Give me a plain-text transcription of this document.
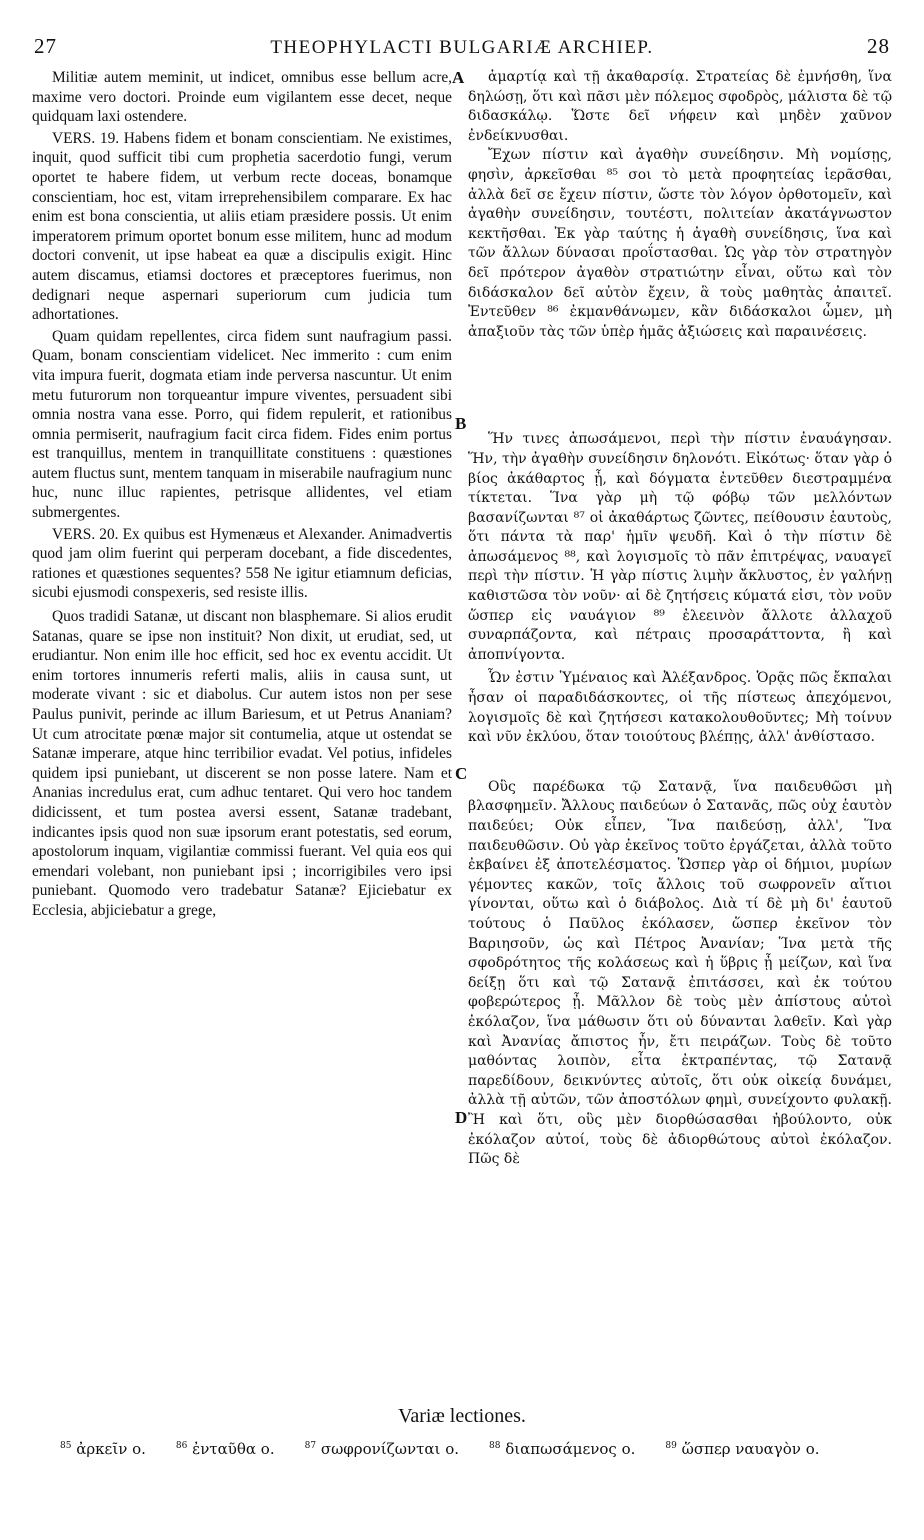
27	THEOPHYLACTI BULGARIÆ ARCHIEP.	28

Militiæ autem meminit, ut indicet, omnibus esse bellum acre, maxime vero doctori. Proinde eum vigilantem esse decet, neque quidquam laxi ostendere.

VERS. 19. Habens fidem et bonam conscientiam. Ne existimes, inquit, quod sufficit tibi cum prophetia sacerdotio fungi, verum oportet te habere fidem, ut verbum recte doceas, bonamque conscientiam, hoc est, vitam irreprehensibilem comparare. Ex hac enim est bona conscientia, ut aliis etiam præsidere possis. Ut enim imperatorem primum oportet bonum esse militem, hunc ad modum doctori convenit, ut ipse habeat ea quæ a discipulis exigit. Hinc autem discamus, etiamsi doctores et præceptores fuerimus, non dedignari neque aspernari superiorum cum judicia tum adhortationes.

Quam quidam repellentes, circa fidem sunt naufragium passi. Quam, bonam conscientiam videlicet. Nec immerito : cum enim vita impura fuerit, dogmata etiam inde perversa nascuntur. Ut enim metu futurorum non torqueantur impure viventes, persuadent sibi omnia nostra vana esse. Porro, qui fidem repulerit, et rationibus omnia permiserit, naufragium facit circa fidem. Fides enim portus est tranquillus, mentem in tranquillitate constituens : quæstiones autem fluctus sunt, mentem tanquam in miserabile naufragium nunc huc, nunc illuc rapientes, petrisque allidentes, vel etiam submergentes.

VERS. 20. Ex quibus est Hymenæus et Alexander. Animadvertis quod jam olim fuerint qui perperam docebant, a fide discedentes, rationes et quæstiones sequentes? 558 Ne igitur etiamnum deficias, sicubi ejusmodi conspexeris, sed resiste illis.

Quos tradidi Satanæ, ut discant non blasphemare. Si alios erudit Satanas, quare se ipse non instituit? Non dixit, ut erudiat, sed, ut erudiantur. Non enim ille hoc efficit, sed hoc ex eventu accidit. Ut enim tortores innumeris referti malis, aliis in causa sunt, ut moderate vivant : sic et diabolus. Cur autem istos non per sese Paulus punivit, perinde ac illum Bariesum, et ut Petrus Ananiam? Ut cum atrocitate pœnæ major sit contumelia, atque ut ostendat se Satanæ imperare, atque hinc terribilior evadat. Vel potius, infideles quidem ipsi puniebant, ut discerent se non posse latere. Nam et Ananias incredulus erat, cum adhuc tentaret. Qui vero hoc tandem didicissent, et tum postea aversi essent, Satanæ tradebant, indicantes ipsis quod non suæ ipsorum erant potestatis, sed eorum, apostolorum inquam, vigilantiæ commissi fuerant. Vel quia eos qui emendari volebant, non puniebant ipsi ; incorrigibiles vero ipsi puniebant. Quomodo vero tradebatur Satanæ? Ejiciebatur ex Ecclesia, abjiciebatur a grege,

A
B
C
D

ἁμαρτίᾳ καὶ τῇ ἀκαθαρσίᾳ. Στρατείας δὲ ἐμνήσθη, ἵνα δηλώσῃ, ὅτι καὶ πᾶσι μὲν πόλεμος σφοδρὸς, μάλιστα δὲ τῷ διδασκάλῳ. Ὥστε δεῖ νήφειν καὶ μηδὲν χαῦνον ἐνδείκνυσθαι.

Ἔχων πίστιν καὶ ἀγαθὴν συνείδησιν. Μὴ νομίσῃς, φησὶν, ἀρκεῖσθαι ⁸⁵ σοι τὸ μετὰ προφητείας ἱερᾶσθαι, ἀλλὰ δεῖ σε ἔχειν πίστιν, ὥστε τὸν λόγον ὀρθοτομεῖν, καὶ ἀγαθὴν συνείδησιν, τουτέστι, πολιτείαν ἀκατάγνωστον κεκτῆσθαι. Ἐκ γὰρ ταύτης ἡ ἀγαθὴ συνείδησις, ἵνα καὶ τῶν ἄλλων δύνασαι προΐστασθαι. Ὡς γὰρ τὸν στρατηγὸν δεῖ πρότερον ἀγαθὸν στρατιώτην εἶναι, οὕτω καὶ τὸν διδάσκαλον δεῖ αὐτὸν ἔχειν, ἃ τοὺς μαθητὰς ἀπαιτεῖ. Ἐντεῦθεν ⁸⁶ ἐκμανθάνωμεν, κἂν διδάσκαλοι ὦμεν, μὴ ἀπαξιοῦν τὰς τῶν ὑπὲρ ἡμᾶς ἀξιώσεις καὶ παραινέσεις.

Ἥν τινες ἀπωσάμενοι, περὶ τὴν πίστιν ἐναυάγησαν. Ἥν, τὴν ἀγαθὴν συνείδησιν δηλονότι. Εἰκότως· ὅταν γὰρ ὁ βίος ἀκάθαρτος ᾖ, καὶ δόγματα ἐντεῦθεν διεστραμμένα τίκτεται. Ἵνα γὰρ μὴ τῷ φόβῳ τῶν μελλόντων βασανίζωνται ⁸⁷ οἱ ἀκαθάρτως ζῶντες, πείθουσιν ἑαυτοὺς, ὅτι πάντα τὰ παρ' ἡμῖν ψευδῆ. Καὶ ὁ τὴν πίστιν δὲ ἀπωσάμενος ⁸⁸, καὶ λογισμοῖς τὸ πᾶν ἐπιτρέψας, ναυαγεῖ περὶ τὴν πίστιν. Ἡ γὰρ πίστις λιμὴν ἄκλυστος, ἐν γαλήνῃ καθιστῶσα τὸν νοῦν· αἱ δὲ ζητήσεις κύματά εἰσι, τὸν νοῦν ὥσπερ εἰς ναυάγιον ⁸⁹ ἐλεεινὸν ἄλλοτε ἀλλαχοῦ συναρπάζοντα, καὶ πέτραις προσαράττοντα, ἢ καὶ ἀποπνίγοντα.

Ὧν ἐστιν Ὑμέναιος καὶ Ἀλέξανδρος. Ὁρᾷς πῶς ἔκπαλαι ἦσαν οἱ παραδιδάσκοντες, οἱ τῆς πίστεως ἀπεχόμενοι, λογισμοῖς δὲ καὶ ζητήσεσι κατακολουθοῦντες; Μὴ τοίνυν καὶ νῦν ἐκλύου, ὅταν τοιούτους βλέπῃς, ἀλλ' ἀνθίστασο.

Οὓς παρέδωκα τῷ Σατανᾷ, ἵνα παιδευθῶσι μὴ βλασφημεῖν. Ἄλλους παιδεύων ὁ Σατανᾶς, πῶς οὐχ ἑαυτὸν παιδεύει; Οὐκ εἶπεν, Ἵνα παιδεύσῃ, ἀλλ', Ἵνα παιδευθῶσιν. Οὐ γὰρ ἐκεῖνος τοῦτο ἐργάζεται, ἀλλὰ τοῦτο ἐκβαίνει ἐξ ἀποτελέσματος. Ὥσπερ γὰρ οἱ δήμιοι, μυρίων γέμοντες κακῶν, τοῖς ἄλλοις τοῦ σωφρονεῖν αἴτιοι γίνονται, οὕτω καὶ ὁ διάβολος. Διὰ τί δὲ μὴ δι' ἑαυτοῦ τούτους ὁ Παῦλος ἐκόλασεν, ὥσπερ ἐκεῖνον τὸν Βαριησοῦν, ὡς καὶ Πέτρος Ἀνανίαν; Ἵνα μετὰ τῆς σφοδρότητος τῆς κολάσεως καὶ ἡ ὕβρις ᾖ μείζων, καὶ ἵνα δείξῃ ὅτι καὶ τῷ Σατανᾷ ἐπιτάσσει, καὶ ἐκ τούτου φοβερώτερος ᾖ. Μᾶλλον δὲ τοὺς μὲν ἀπίστους αὐτοὶ ἐκόλαζον, ἵνα μάθωσιν ὅτι οὐ δύνανται λαθεῖν. Καὶ γὰρ καὶ Ἀνανίας ἄπιστος ἦν, ἔτι πειράζων. Τοὺς δὲ τοῦτο μαθόντας λοιπὸν, εἶτα ἐκτραπέντας, τῷ Σατανᾷ παρεδίδουν, δεικνύντες αὐτοῖς, ὅτι οὐκ οἰκείᾳ δυνάμει, ἀλλὰ τῇ αὐτῶν, τῶν ἀποστόλων φημὶ, συνείχοντο φυλακῇ. Ἢ καὶ ὅτι, οὓς μὲν διορθώσασθαι ἠβούλοντο, οὐκ ἐκόλαζον αὐτοί, τοὺς δὲ ἀδιορθώτους αὐτοὶ ἐκόλαζον. Πῶς δὲ

Variæ lectiones.
$^{85}$ ἀρκεῖν ο.	$^{86}$ ἐνταῦθα ο.	$^{87}$ σωφρονίζωνται ο.	$^{88}$ διαπωσάμενος ο.	$^{89}$ ὥσπερ ναυαγὸν ο.
